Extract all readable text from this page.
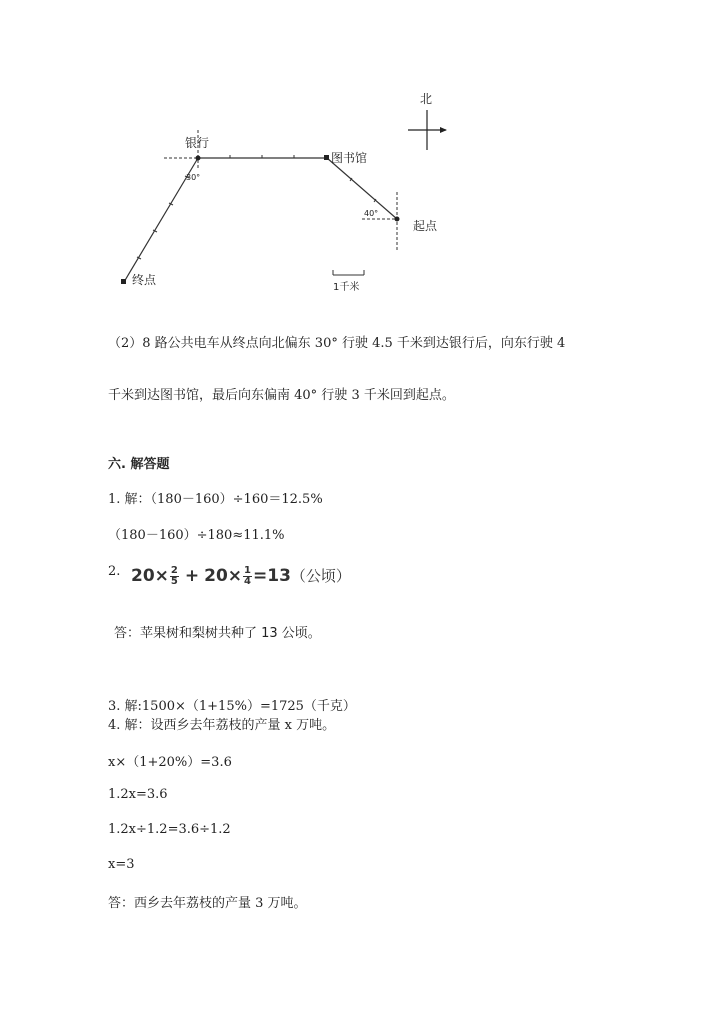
北
银行
30°
图书馆
40°
起点
终点
1千米
（2）8 路公共电车从终点向北偏东 30° 行驶 4.5 千米到达银行后，向东行驶 4
千米到达图书馆，最后向东偏南 40° 行驶 3 千米回到起点。
六. 解答题
1. 解：（180－160）÷160＝12.5%
（180－160）÷180≈11.1%
2. $20\times \frac{2}{5} + 20\times \frac{1}{4} =13$（公顷）
答：苹果树和梨树共种了 13 公顷。
3. 解:1500×（1+15%）=1725（千克）
4. 解：设西乡去年荔枝的产量 x 万吨。
x×（1+20%）=3.6
1.2x=3.6
1.2x÷1.2=3.6÷1.2
x=3
答：西乡去年荔枝的产量 3 万吨。
